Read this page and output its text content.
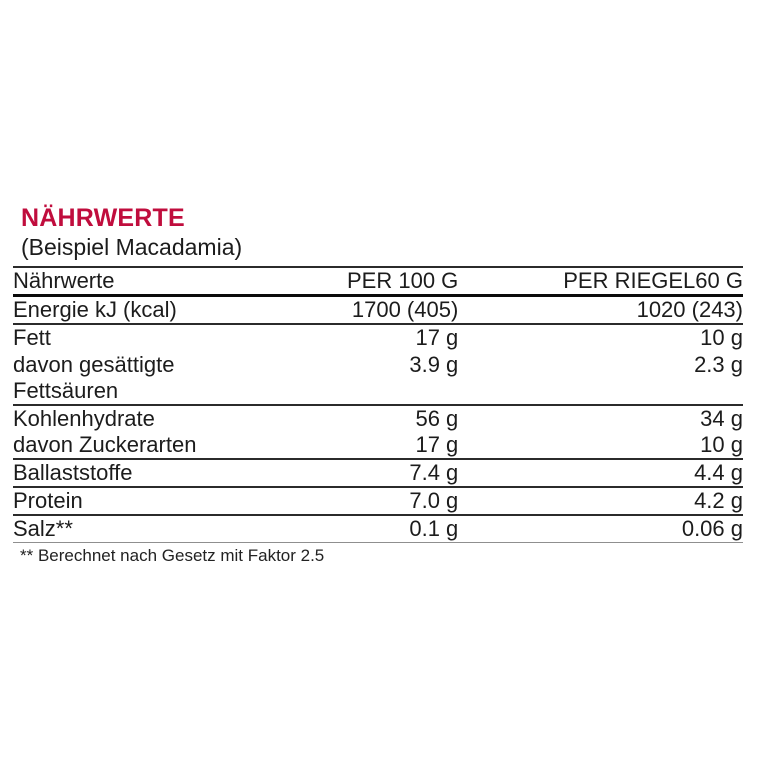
NÄHRWERTE
(Beispiel Macadamia)
Nährwerte	PER 100 G	PER RIEGEL60 G
Energie kJ (kcal)	1700 (405)	1020 (243)
Fett	17 g	10 g
davon gesättigte	3.9 g	2.3 g
Fettsäuren		
Kohlenhydrate	56 g	34 g
davon Zuckerarten	17 g	10 g
Ballaststoffe	7.4 g	4.4 g
Protein	7.0 g	4.2 g
Salz**	0.1 g	0.06 g
** Berechnet nach Gesetz mit Faktor 2.5
